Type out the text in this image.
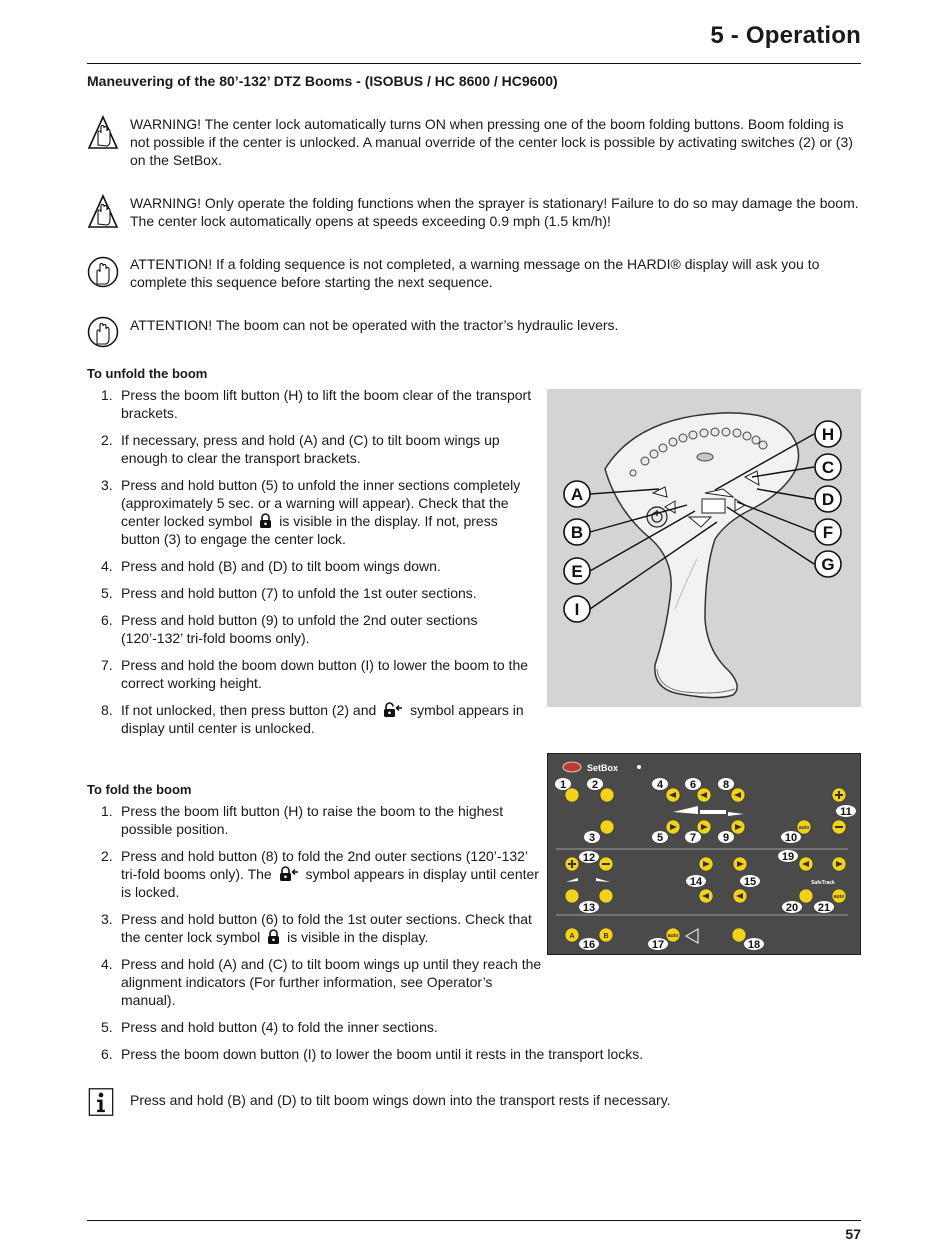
5 - Operation
Maneuvering of the 80’-132’ DTZ Booms - (ISOBUS / HC 8600 / HC9600)
WARNING! The center lock automatically turns ON when pressing one of the boom folding buttons. Boom folding is not possible if the center is unlocked. A manual override of the center lock is possible by activating switches (2) or (3) on the SetBox.
WARNING! Only operate the folding functions when the sprayer is stationary! Failure to do so may damage the boom. The center lock automatically opens at speeds exceeding 0.9 mph (1.5 km/h)!
ATTENTION! If a folding sequence is not completed, a warning message on the HARDI® display will ask you to complete this sequence before starting the next sequence.
ATTENTION! The boom can not be operated with the tractor’s hydraulic levers.
To unfold the boom
1. Press the boom lift button (H) to lift the boom clear of the transport brackets.
2. If necessary, press and hold (A) and (C) to tilt boom wings up enough to clear the transport brackets.
3. Press and hold button (5) to unfold the inner sections completely (approximately 5 sec. or a warning will appear). Check that the center locked symbol is visible in the display. If not, press button (3) to engage the center lock.
4. Press and hold (B) and (D) to tilt boom wings down.
5. Press and hold button (7) to unfold the 1st outer sections.
6. Press and hold button (9) to unfold the 2nd outer sections (120’-132’ tri-fold booms only).
7. Press and hold the boom down button (I) to lower the boom to the correct working height.
8. If not unlocked, then press button (2) and symbol appears in display until center is unlocked.
To fold the boom
1. Press the boom lift button (H) to raise the boom to the highest possible position.
2. Press and hold button (8) to fold the 2nd outer sections (120’-132’ tri-fold booms only). The symbol appears in display until center is locked.
3. Press and hold button (6) to fold the 1st outer sections. Check that the center lock symbol is visible in the display.
4. Press and hold (A) and (C) to tilt boom wings up until they reach the alignment indicators (For further information, see Operator’s manual).
5. Press and hold button (4) to fold the inner sections.
6. Press the boom down button (I) to lower the boom until it rests in the transport locks.
Press and hold (B) and (D) to tilt boom wings down into the transport rests if necessary.
A
B
E
I
H
C
D
F
G
SetBox
A	B
auto
auto
auto
SafeTrack
1 2
3
4
5
6
7
8
9	10
11
12
13
14	15
16	17	18
19
20 21
57
